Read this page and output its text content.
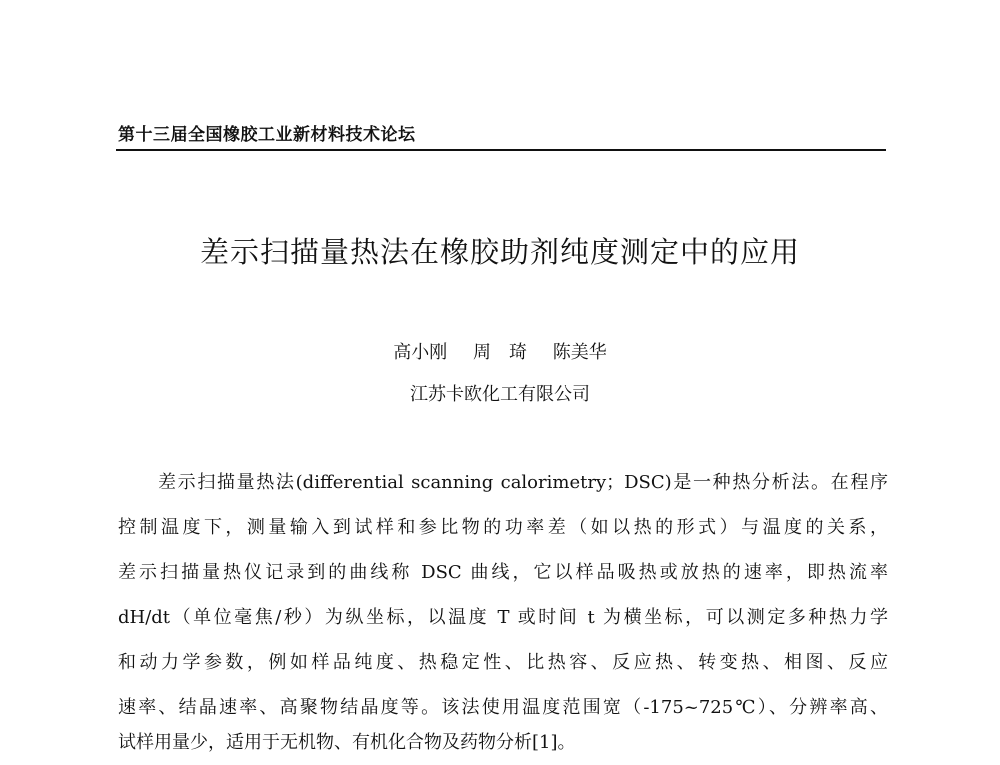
第十三届全国橡胶工业新材料技术论坛
差示扫描量热法在橡胶助剂纯度测定中的应用
高小刚 周　琦 陈美华
江苏卡欧化工有限公司
差示扫描量热法(differential scanning calorimetry；DSC)是一种热分析法。在程序
控制温度下，测量输入到试样和参比物的功率差（如以热的形式）与温度的关系，
差示扫描量热仪记录到的曲线称 DSC 曲线，它以样品吸热或放热的速率，即热流率
dH/dt（单位毫焦/秒）为纵坐标，以温度 T 或时间 t 为横坐标，可以测定多种热力学
和动力学参数，例如样品纯度、热稳定性、比热容、反应热、转变热、相图、反应
速率、结晶速率、高聚物结晶度等。该法使用温度范围宽（-175~725℃）、分辨率高、
试样用量少，适用于无机物、有机化合物及药物分析[1]。
